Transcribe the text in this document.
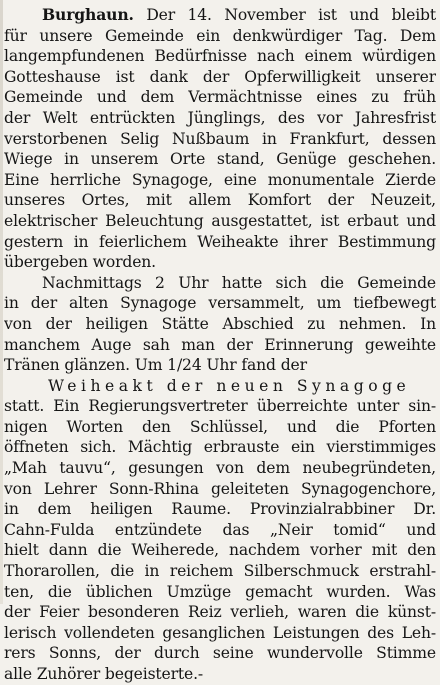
Burghaun. Der 14. November ist und bleibt
für unsere Gemeinde ein denkwürdiger Tag. Dem
langempfundenen Bedürfnisse nach einem würdigen
Gotteshause ist dank der Opferwilligkeit unserer
Gemeinde und dem Vermächtnisse eines zu früh
der Welt entrückten Jünglings, des vor Jahresfrist
verstorbenen Selig Nußbaum in Frankfurt, dessen
Wiege in unserem Orte stand, Genüge geschehen.
Eine herrliche Synagoge, eine monumentale Zierde
unseres Ortes, mit allem Komfort der Neuzeit,
elektrischer Beleuchtung ausgestattet, ist erbaut und
gestern in feierlichem Weiheakte ihrer Bestimmung
übergeben worden.
Nachmittags 2 Uhr hatte sich die Gemeinde
in der alten Synagoge versammelt, um tiefbewegt
von der heiligen Stätte Abschied zu nehmen. In
manchem Auge sah man der Erinnerung geweihte
Tränen glänzen. Um 1/24 Uhr fand der
Weiheakt der neuen Synagoge
statt. Ein Regierungsvertreter überreichte unter sin-
nigen Worten den Schlüssel, und die Pforten
öffneten sich. Mächtig erbrauste ein vierstimmiges
„Mah tauvu“, gesungen von dem neubegründeten,
von Lehrer Sonn-Rhina geleiteten Synagogenchore,
in dem heiligen Raume. Provinzialrabbiner Dr.
Cahn-Fulda entzündete das „Neir tomid“ und
hielt dann die Weiherede, nachdem vorher mit den
Thorarollen, die in reichem Silberschmuck erstrahl-
ten, die üblichen Umzüge gemacht wurden. Was
der Feier besonderen Reiz verlieh, waren die künst-
lerisch vollendeten gesanglichen Leistungen des Leh-
rers Sonns, der durch seine wundervolle Stimme
alle Zuhörer begeisterte.-
